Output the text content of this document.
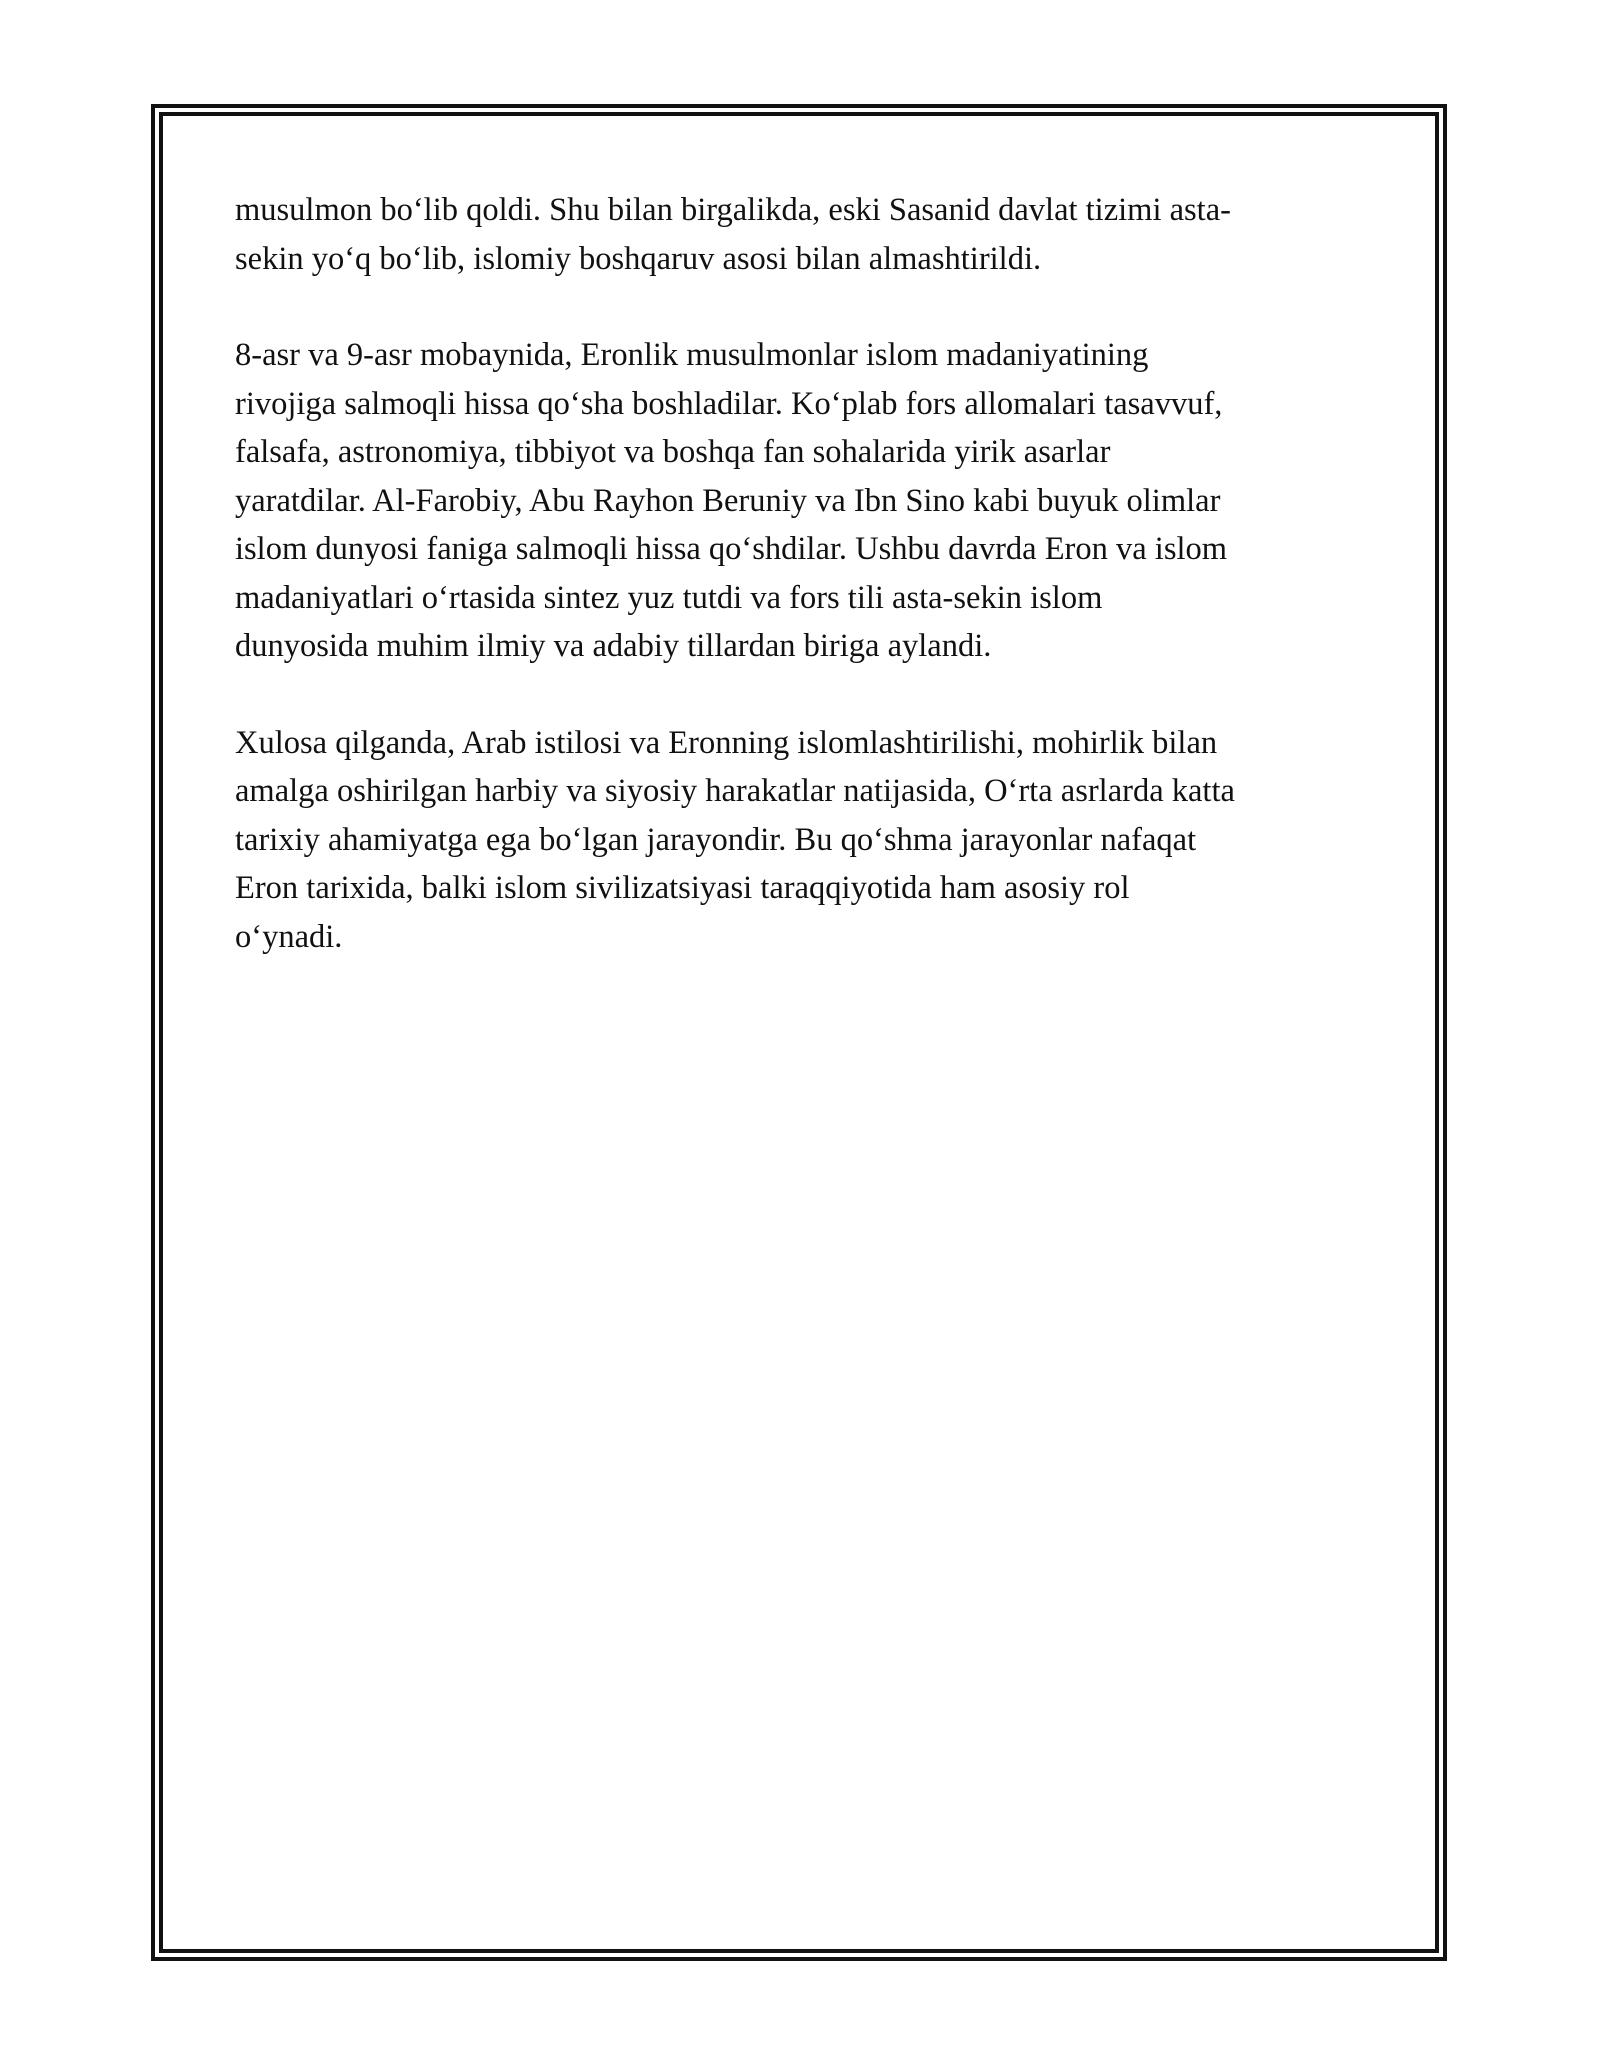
musulmon bo‘lib qoldi. Shu bilan birgalikda, eski Sasanid davlat tizimi asta-
sekin yo‘q bo‘lib, islomiy boshqaruv asosi bilan almashtirildi.

8-asr va 9-asr mobaynida, Eronlik musulmonlar islom madaniyatining
rivojiga salmoqli hissa qo‘sha boshladilar. Ko‘plab fors allomalari tasavvuf,
falsafa, astronomiya, tibbiyot va boshqa fan sohalarida yirik asarlar
yaratdilar. Al-Farobiy, Abu Rayhon Beruniy va Ibn Sino kabi buyuk olimlar
islom dunyosi faniga salmoqli hissa qo‘shdilar. Ushbu davrda Eron va islom
madaniyatlari o‘rtasida sintez yuz tutdi va fors tili asta-sekin islom
dunyosida muhim ilmiy va adabiy tillardan biriga aylandi.

Xulosa qilganda, Arab istilosi va Eronning islomlashtirilishi, mohirlik bilan
amalga oshirilgan harbiy va siyosiy harakatlar natijasida, O‘rta asrlarda katta
tarixiy ahamiyatga ega bo‘lgan jarayondir. Bu qo‘shma jarayonlar nafaqat
Eron tarixida, balki islom sivilizatsiyasi taraqqiyotida ham asosiy rol
o‘ynadi.
